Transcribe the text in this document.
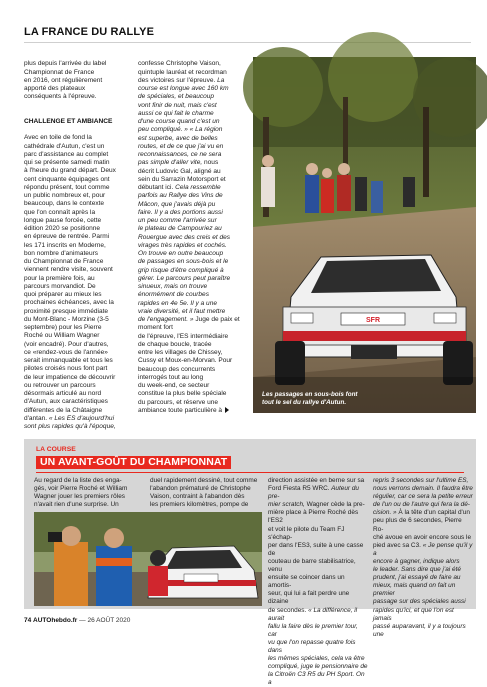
LA FRANCE DU RALLYE

plus depuis l'arrivée du label
Championnat de France
en 2016, ont régulièrement
apporté des plateaux
conséquents à l'épreuve.

CHALLENGE ET AMBIANCE

Avec en toile de fond la
cathédrale d'Autun, c'est un
parc d'assistance au complet
qui se présente samedi matin
à l'heure du grand départ. Deux
cent cinquante équipages ont
répondu présent, tout comme
un public nombreux et, pour
beaucoup, dans le contexte
que l'on connaît après la
longue pause forcée, cette
édition 2020 se positionne
en épreuve de rentrée. Parmi
les 171 inscrits en Moderne,
bon nombre d'animateurs
du Championnat de France
viennent rendre visite, souvent
pour la première fois, au
parcours morvandiot. De
quoi préparer au mieux les
prochaines échéances, avec la
proximité presque immédiate
du Mont-Blanc - Morzine (3-5
septembre) pour les Pierre
Roché ou William Wagner
(voir encadré). Pour d'autres,
ce «rendez-vous de l'année»
serait immanquable et tous les
pilotes croisés nous font part
de leur impatience de découvrir
ou retrouver un parcours
désormais articulé au nord
d'Autun, aux caractéristiques
différentes de la Châtaigne
d'antan. « Les ES d'aujourd'hui
sont plus rapides qu'à l'époque,

confesse Christophe Vaison,
quintuple lauréat et recordman
des victoires sur l'épreuve. La
course est longue avec 160 km
de spéciales, et beaucoup
vont finir de nuit, mais c'est
aussi ce qui fait le charme
d'une course quand c'est un
peu compliqué. » « La région
est superbe, avec de belles
routes, et de ce que j'ai vu en
reconnaissances, ce ne sera
pas simple d'aller vite, nous
décrit Ludovic Gal, aligné au
sein du Sarrazin Motorsport et
débutant ici. Cela ressemble
parfois au Rallye des Vins de
Mâcon, que j'avais déjà pu
faire. Il y a des portions aussi
un peu comme l'arrivée sur
le plateau de Campouriez au
Rouergue avec des creis et des
virages très rapides et cochés.
On trouve en outre beaucoup
de passages en sous-bois et le
grip risque d'être compliqué à
gérer. Le parcours peut paraître
sinueux, mais on trouve
énormément de courbes
rapides en 4e 5e. Il y a une
vraie diversité, et il faut mettre
de l'engagement. » Juge de paix et moment fort
de l'épreuve, l'ES intermédiaire
de chaque boucle, tracée
entre les villages de Chissey,
Cussy et Moux-en-Morvan. Pour
beaucoup des concurrents
interrogés tout au long
du week-end, ce secteur
constitue la plus belle spéciale
du parcours, et réserve une
ambiance toute particulière à

SFR
Les passages en sous-bois font
tout le sel du rallye d'Autun.
LA COURSE
UN AVANT-GOÛT DU CHAMPIONNAT
Au regard de la liste des enga-
gés, voir Pierre Roché et William
Wagner jouer les premiers rôles
n'avait rien d'une surprise. Un
duel rapidement dessiné, tout comme
l'abandon prématuré de Christophe
Vaison, contraint à l'abandon dès
les premiers kilomètres, pompe de
direction assistée en berne sur sa
Ford Fiesta R5 WRC. Auteur du pre-
mier scratch, Wagner cède la pre-
mière place à Pierre Roché dès l'ES2
et voit le pilote du Team FJ s'échap-
per dans l'ES3, suite à une casse de
couteau de barre stabilisatrice, venu
ensuite se coincer dans un amortis-
seur, qui lui a fait perdre une dizaine
de secondes. « La différence, il aurait
fallu la faire dès le premier tour, car
vu que l'on repasse quatre fois dans
les mêmes spéciales, cela va être
compliqué, juge le pensionnaire de
la Citroën C3 R5 du PH Sport. On a
repris 3 secondes sur l'ultime ES,
nous verrons demain. Il faudra être
régulier, car ce sera la petite erreur
de l'un ou de l'autre qui fera la dé-
cision. » À la tête d'un capital d'un
peu plus de 6 secondes, Pierre Ro-
ché avoue en avoir encore sous le
pied avec sa C3. « Je pense qu'il y a
encore à gagner, indique alors
le leader. Sans dire que j'ai été
prudent, j'ai essayé de faire au
mieux, mais quand on fait un premier
passage sur des spéciales aussi
rapides qu'ici, et que l'on est jamais
passé auparavant, il y a toujours une
74 AUTOhebdo.fr — 26 AOÛT 2020
